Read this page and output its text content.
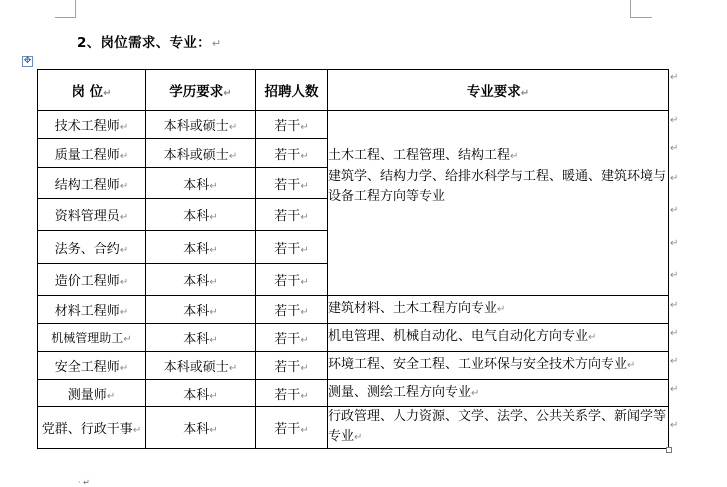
2、岗位需求、专业：↵
✥
岗 位↵	学历要求↵	招聘人数	专业要求↵
技术工程师↵	本科或硕士↵	若干↵	土木工程、工程管理、结构工程↵
建筑学、结构力学、给排水科学与工程、暖通、建筑环境与设备工程方向等专业

质量工程师↵	本科或硕士↵	若干↵	
结构工程师↵	本科↵	若干↵	
资料管理员↵	本科↵	若干↵	
法务、合约↵	本科↵	若干↵	
造价工程师↵	本科↵	若干↵	
材料工程师↵	本科↵	若干↵	建筑材料、土木工程方向专业↵
机械管理助工↵	本科↵	若干↵	机电管理、机械自动化、电气自动化方向专业↵
安全工程师↵	本科或硕士↵	若干↵	环境工程、安全工程、工业环保与安全技术方向专业↵
测量师↵	本科↵	若干↵	测量、测绘工程方向专业↵
党群、行政干事↵	本科↵	若干↵	行政管理、人力资源、文学、法学、公共关系学、新闻学等专业↵
↵
↵
↵
↵
↵
↵
↵
↵
↵
↵
↵
↵
· ↵
